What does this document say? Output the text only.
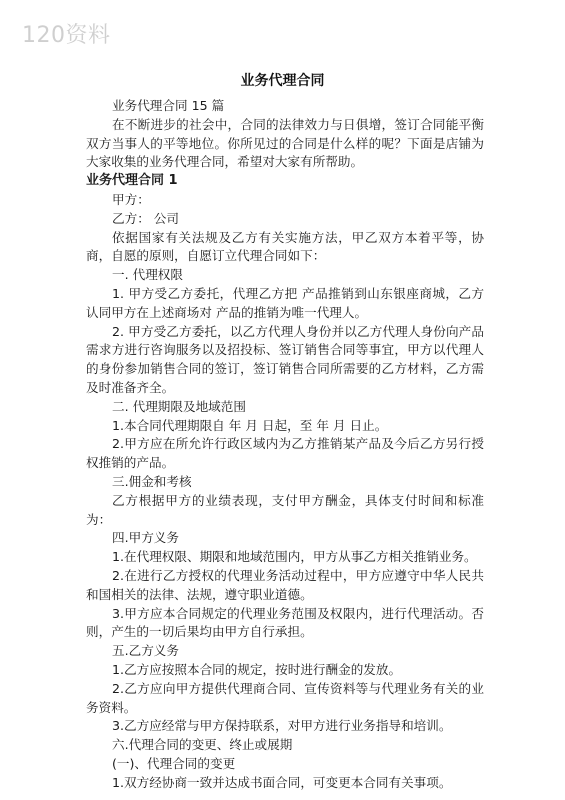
120资料
业务代理合同

业务代理合同 15 篇

在不断进步的社会中，合同的法律效力与日俱增，签订合同能平衡双方当事人的平等地位。你所见过的合同是什么样的呢？下面是店铺为大家收集的业务代理合同，希望对大家有所帮助。

业务代理合同 1

甲方：

乙方： 公司

依据国家有关法规及乙方有关实施方法，甲乙双方本着平等，协商，自愿的原则，自愿订立代理合同如下：

一. 代理权限

1. 甲方受乙方委托，代理乙方把 产品推销到山东银座商城，乙方认同甲方在上述商场对 产品的推销为唯一代理人。

2. 甲方受乙方委托，以乙方代理人身份并以乙方代理人身份向产品需求方进行咨询服务以及招投标、签订销售合同等事宜，甲方以代理人的身份参加销售合同的签订，签订销售合同所需要的乙方材料，乙方需及时准备齐全。

二. 代理期限及地域范围

1.本合同代理期限自 年 月 日起，至 年 月 日止。

2.甲方应在所允许行政区域内为乙方推销某产品及今后乙方另行授权推销的产品。

三.佣金和考核

乙方根据甲方的业绩表现，支付甲方酬金，具体支付时间和标准为：

四.甲方义务

1.在代理权限、期限和地域范围内，甲方从事乙方相关推销业务。

2.在进行乙方授权的代理业务活动过程中，甲方应遵守中华人民共和国相关的法律、法规，遵守职业道德。

3.甲方应本合同规定的代理业务范围及权限内，进行代理活动。否则，产生的一切后果均由甲方自行承担。

五.乙方义务

1.乙方应按照本合同的规定，按时进行酬金的发放。

2.乙方应向甲方提供代理商合同、宣传资料等与代理业务有关的业务资料。

3.乙方应经常与甲方保持联系，对甲方进行业务指导和培训。

六.代理合同的变更、终止或展期

(一)、代理合同的变更

1.双方经协商一致并达成书面合同，可变更本合同有关事项。
